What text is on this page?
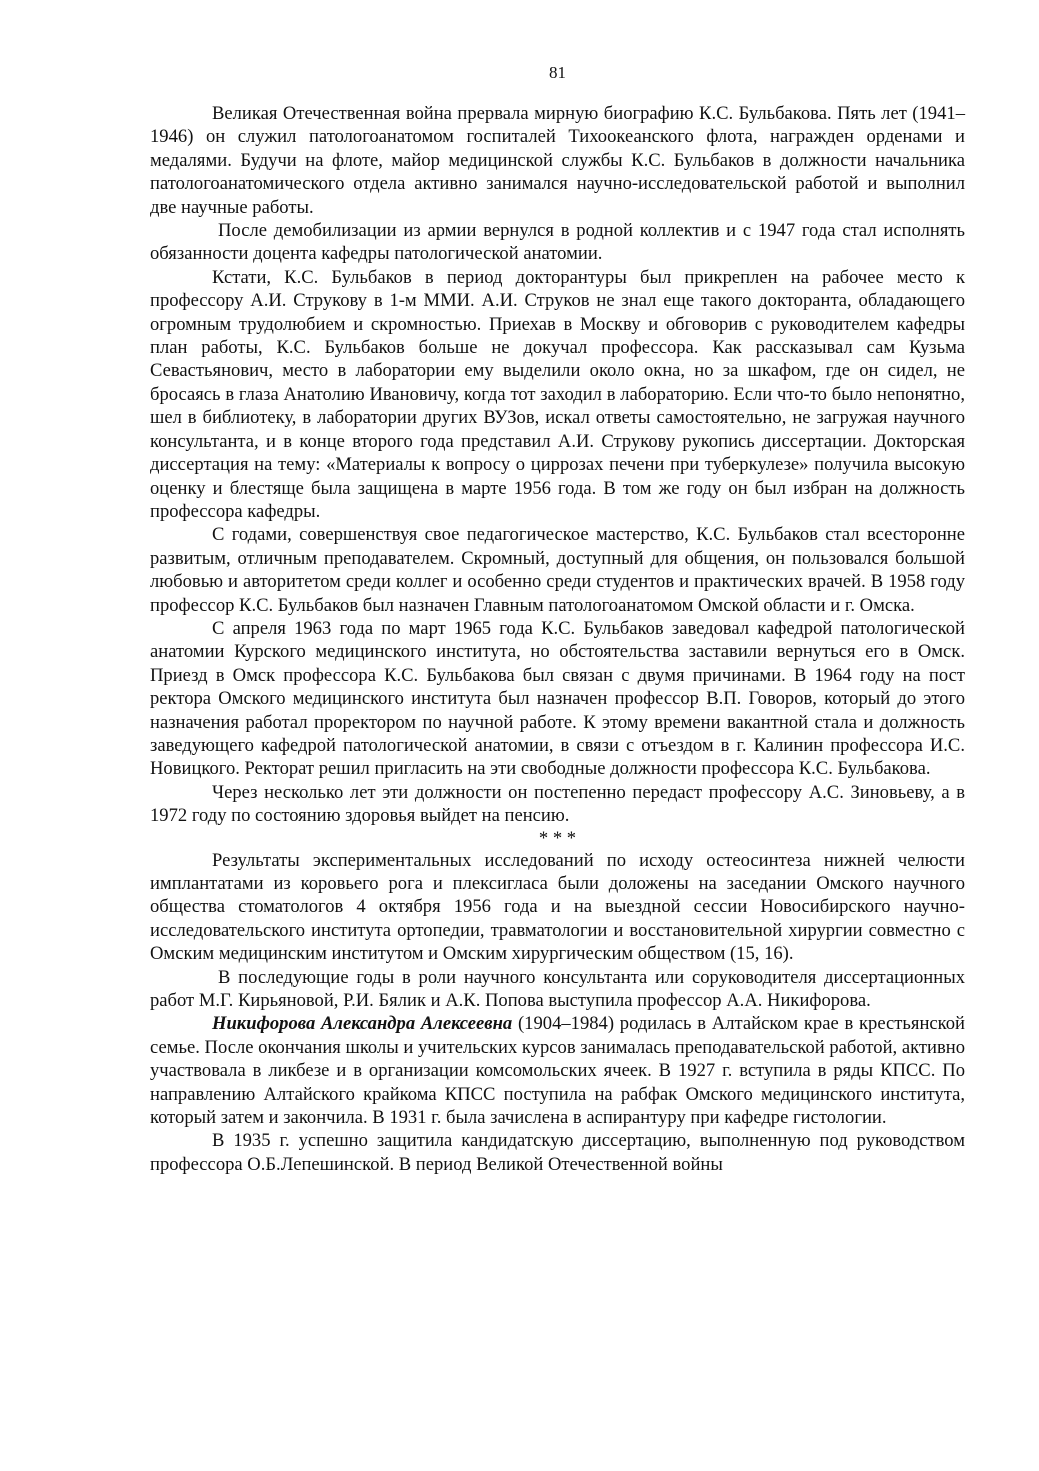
81

Великая Отечественная война прервала мирную биографию К.С. Бульбакова. Пять лет (1941–1946) он служил патологоанатомом госпиталей Тихоокеанского флота, награжден орденами и медалями. Будучи на флоте, майор медицинской службы К.С. Бульбаков в должности начальника патологоанатомического отдела активно занимался научно-исследовательской работой и выполнил две научные работы.

После демобилизации из армии вернулся в родной коллектив и с 1947 года стал исполнять обязанности доцента кафедры патологической анатомии.

Кстати, К.С. Бульбаков в период докторантуры был прикреплен на рабочее место к профессору А.И. Струкову в 1-м ММИ. А.И. Струков не знал еще такого докторанта, обладающего огромным трудолюбием и скромностью. Приехав в Москву и обговорив с руководителем кафедры план работы, К.С. Бульбаков больше не докучал профессора. Как рассказывал сам Кузьма Севастьянович, место в лаборатории ему выделили около окна, но за шкафом, где он сидел, не бросаясь в глаза Анатолию Ивановичу, когда тот заходил в лабораторию. Если что-то было непонятно, шел в библиотеку, в лаборатории других ВУЗов, искал ответы самостоятельно, не загружая научного консультанта, и в конце второго года представил А.И. Струкову рукопись диссертации. Докторская диссертация на тему: «Материалы к вопросу о циррозах печени при туберкулезе» получила высокую оценку и блестяще была защищена в марте 1956 года. В том же году он был избран на должность профессора кафедры.

С годами, совершенствуя свое педагогическое мастерство, К.С. Бульбаков стал всесторонне развитым, отличным преподавателем. Скромный, доступный для общения, он пользовался большой любовью и авторитетом среди коллег и особенно среди студентов и практических врачей. В 1958 году профессор К.С. Бульбаков был назначен Главным патологоанатомом Омской области и г. Омска.

С апреля 1963 года по март 1965 года К.С. Бульбаков заведовал кафедрой патологической анатомии Курского медицинского института, но обстоятельства заставили вернуться его в Омск. Приезд в Омск профессора К.С. Бульбакова был связан с двумя причинами. В 1964 году на пост ректора Омского медицинского института был назначен профессор В.П. Говоров, который до этого назначения работал проректором по научной работе. К этому времени вакантной стала и должность заведующего кафедрой патологической анатомии, в связи с отъездом в г. Калинин профессора И.С. Новицкого. Ректорат решил пригласить на эти свободные должности профессора К.С. Бульбакова.

Через несколько лет эти должности он постепенно передаст профессору А.С. Зиновьеву, а в 1972 году по состоянию здоровья выйдет на пенсию.

* * *

Результаты экспериментальных исследований по исходу остеосинтеза нижней челюсти имплантатами из коровьего рога и плексигласа были доложены на заседании Омского научного общества стоматологов 4 октября 1956 года и на выездной сессии Новосибирского научно-исследовательского института ортопедии, травматологии и восстановительной хирургии совместно с Омским медицинским институтом и Омским хирургическим обществом (15, 16).

В последующие годы в роли научного консультанта или соруководителя диссертационных работ М.Г. Кирьяновой, Р.И. Бялик и А.К. Попова выступила профессор А.А. Никифорова.

Никифорова Александра Алексеевна (1904–1984) родилась в Алтайском крае в крестьянской семье. После окончания школы и учительских курсов занималась преподавательской работой, активно участвовала в ликбезе и в организации комсомольских ячеек. В 1927 г. вступила в ряды КПСС. По направлению Алтайского крайкома КПСС поступила на рабфак Омского медицинского института, который затем и закончила. В 1931 г. была зачислена в аспирантуру при кафедре гистологии.

В 1935 г. успешно защитила кандидатскую диссертацию, выполненную под руководством профессора О.Б.Лепешинской. В период Великой Отечественной войны
